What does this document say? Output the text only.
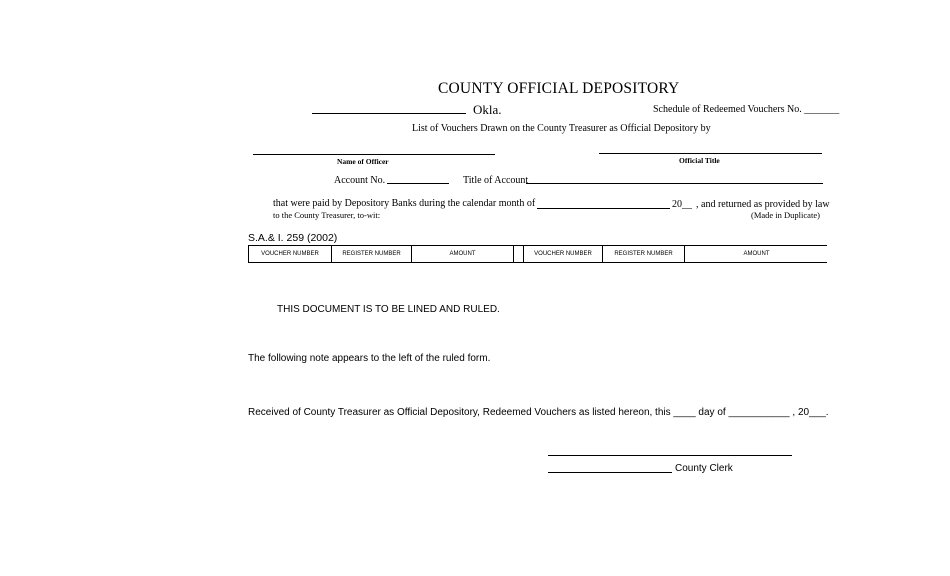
COUNTY OFFICIAL DEPOSITORY
Okla.	Schedule of Redeemed Vouchers No. _______
List of Vouchers Drawn on the County Treasurer as Official Depository by
Name of Officer	Official Title
Account No.	Title of Account
that were paid by Depository Banks during the calendar month of
to the County Treasurer, to-wit:
20__ , and returned as provided by law
(Made in Duplicate)
S.A.& I. 259 (2002)
VOUCHER NUMBER	REGISTER NUMBER	AMOUNT	VOUCHER NUMBER	REGISTER NUMBER	AMOUNT
THIS DOCUMENT IS TO BE LINED AND RULED.
The following note appears to the left of the ruled form.
Received of County Treasurer as Official Depository, Redeemed Vouchers as listed hereon, this ____ day of ___________ , 20___.
County Clerk
